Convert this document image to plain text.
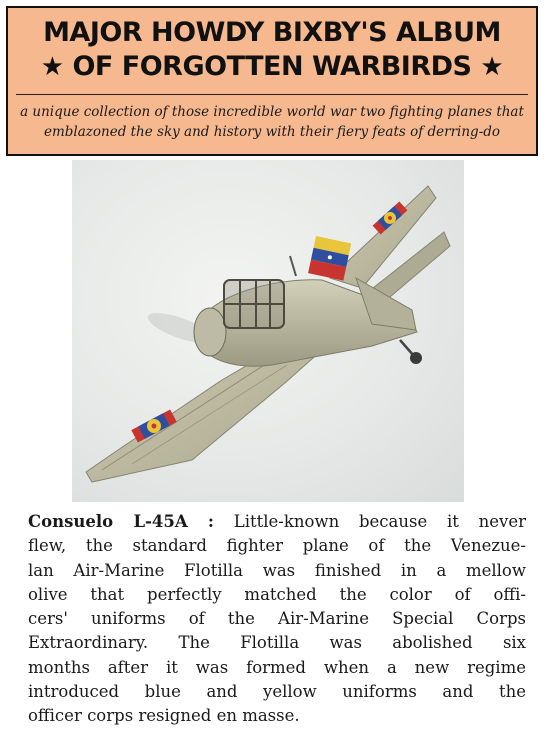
MAJOR HOWDY BIXBY'S ALBUM
★ OF FORGOTTEN WARBIRDS ★
a unique collection of those incredible world war two fighting planes that
emblazoned the sky and history with their fiery feats of derring-do
Consuelo L-45A : Little-known because it never
flew, the standard fighter plane of the Venezue-
lan Air-Marine Flotilla was finished in a mellow
olive that perfectly matched the color of offi-
cers' uniforms of the Air-Marine Special Corps
Extraordinary. The Flotilla was abolished six
months after it was formed when a new regime
introduced blue and yellow uniforms and the
officer corps resigned en masse.
